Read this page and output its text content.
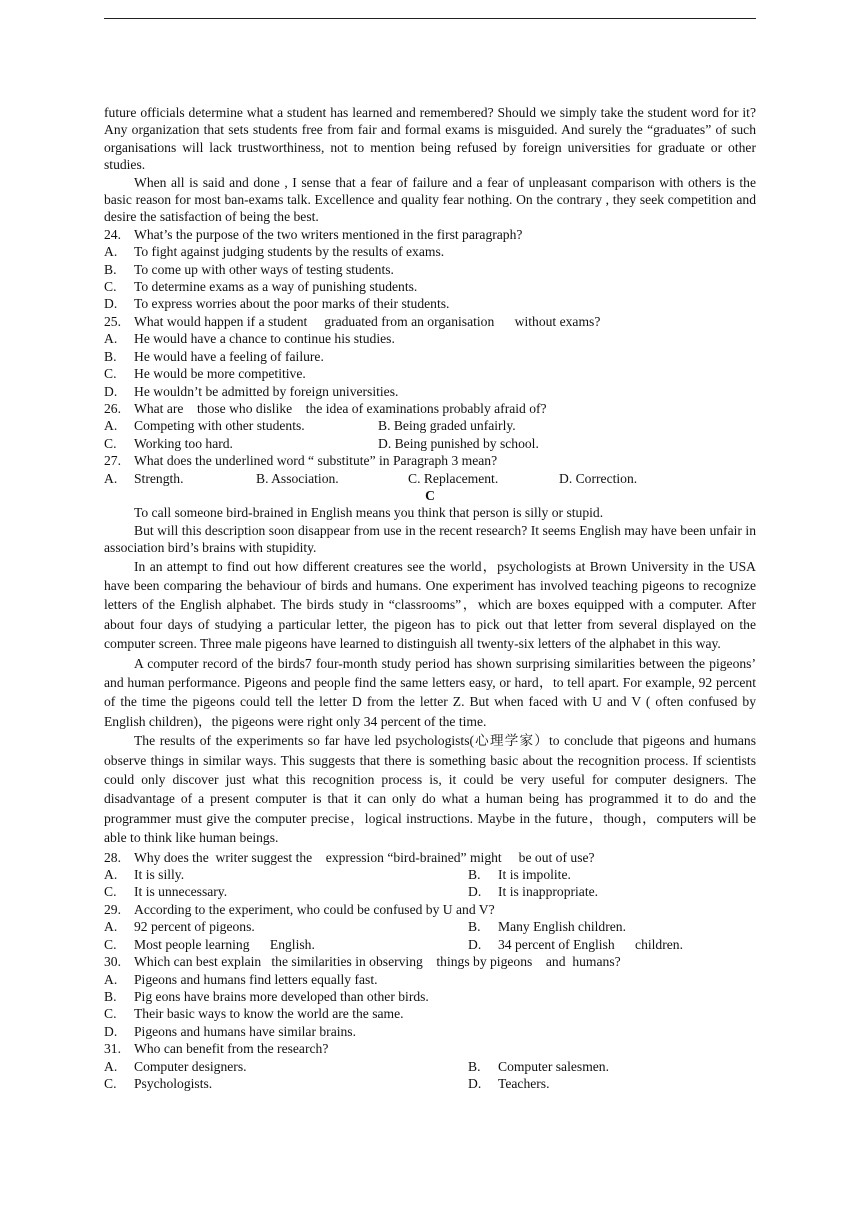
future officials determine what a student has learned and remembered? Should we simply take the student word for it? Any organization that sets students free from fair and formal exams is misguided. And surely the “graduates” of such organisations will lack trustworthiness, not to mention being refused by foreign universities for graduate or other studies.

When all is said and done , I sense that a fear of failure and a fear of unpleasant comparison with others is the basic reason for most ban-exams talk. Excellence and quality fear nothing. On the contrary , they seek competition and desire the satisfaction of being the best.

24. What’s the purpose of the two writers mentioned in the first paragraph?

A.	To fight against judging students by the results of exams.

B.	To come up with other ways of testing students.

C.	To determine exams as a way of punishing students.

D.	To express worries about the poor marks of their students.

25. What would happen if a student     graduated from an organisation      without exams?

A.	He would have a chance to continue his studies.

B.	He would have a feeling of failure.

C.	He would be more competitive.

D.	He wouldn’t be admitted by foreign universities.

26. What are    those who dislike    the idea of examinations probably afraid of?

A.	Competing with other students.	B. Being graded unfairly.
C.	Working too hard.	D. Being punished by school.

27. What does the underlined word “ substitute” in Paragraph 3 mean?

A.	Strength.	B. Association.	C. Replacement.	D. Correction.

C

To call someone bird-brained in English means you think that person is silly or stupid.

But will this description soon disappear from use in the recent research? It seems English may have been unfair in association bird’s brains with stupidity.

In an attempt to find out how different creatures see the world，psychologists at Brown University in the USA have been comparing the behaviour of birds and humans. One experiment has involved teaching pigeons to recognize letters of the English alphabet. The birds study in “classrooms”，which are boxes equipped with a computer. After about four days of studying a particular letter, the pigeon has to pick out that letter from several displayed on the computer screen. Three male pigeons have learned to distinguish all twenty-six letters of the alphabet in this way.

A computer record of the birds7 four-month study period has shown surprising similarities between the pigeons’ and human performance. Pigeons and people find the same letters easy, or hard，to tell apart. For example, 92 percent of the time the pigeons could tell the letter D from the letter Z. But when faced with U and V ( often confused by English children)，the pigeons were right only 34 percent of the time.

The results of the experiments so far have led psychologists(心理学家）to conclude that pigeons and humans observe things in similar ways. This suggests that there is something basic about the recognition process. If scientists could only discover just what this recognition process is, it could be very useful for computer designers. The disadvantage of a present computer is that it can only do what a human being has programmed it to do and the programmer must give the computer precise，logical instructions. Maybe in the future，though，computers will be able to think like human beings.

28. Why does the  writer suggest the    expression “bird-brained” might     be out of use?

A.	It is silly.	B.	It is impolite.
C.	It is unnecessary.	D.	It is inappropriate.

29. According to the experiment, who could be confused by U and V?

A.	92 percent of pigeons.	B.	Many English children.
C.	Most people learning      English.	D.	34 percent of English      children.

30. Which can best explain   the similarities in observing    things by pigeons    and  humans?

A.	Pigeons and humans find letters equally fast.

B.	Pig eons have brains more developed than other birds.

C.	Their basic ways to know the world are the same.

D.	Pigeons and humans have similar brains.

31. Who can benefit from the research?

A.	Computer designers.	B.	Computer salesmen.
C.	Psychologists.	D.	Teachers.
